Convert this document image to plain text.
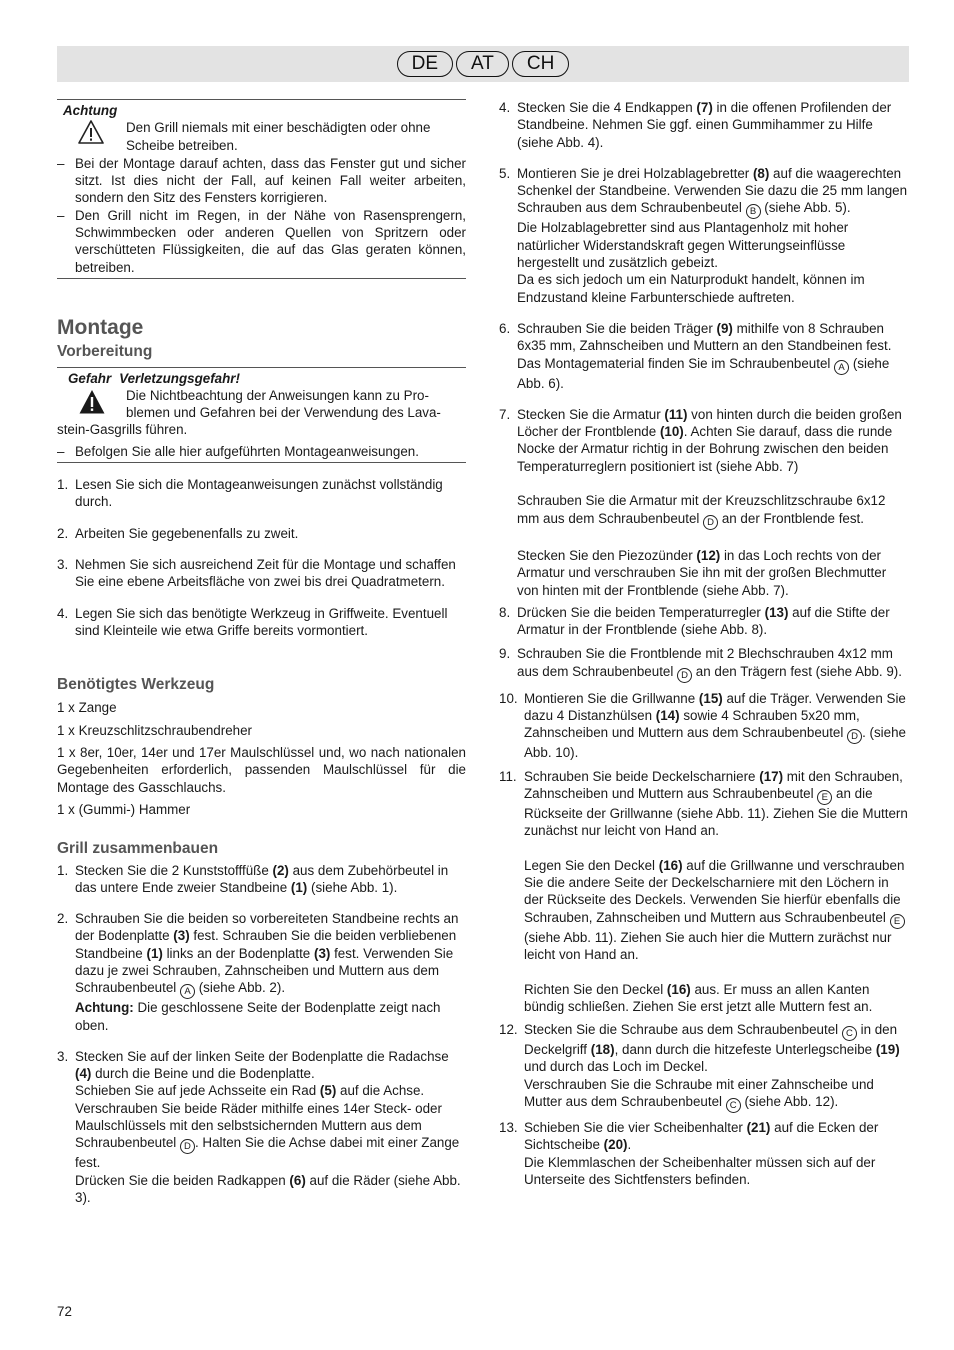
DE	AT	CH
Achtung

Den Grill niemals mit einer beschädigten oder ohne

Scheibe betreiben.

– Bei der Montage darauf achten, dass das Fenster gut und sicher sitzt. Ist dies nicht der Fall, auf keinen Fall weiter arbeiten, sondern den Sitz des Fensters korrigieren.
– Den Grill nicht im Regen, in der Nähe von Rasensprengern, Schwimmbecken oder anderen Quellen von Spritzern oder verschütteten Flüssigkeiten, die auf das Glas geraten können, betreiben.
Montage
Vorbereitung
Gefahr Verletzungsgefahr!

Die Nichtbeachtung der Anweisungen kann zu Pro-

blemen und Gefahren bei der Verwendung des Lava-

stein-Gasgrills führen.

– Befolgen Sie alle hier aufgeführten Montageanweisungen.
1. Lesen Sie sich die Montageanweisungen zunächst vollständig durch.
2. Arbeiten Sie gegebenenfalls zu zweit.
3. Nehmen Sie sich ausreichend Zeit für die Montage und schaffen Sie eine ebene Arbeitsfläche von zwei bis drei Quadratmetern.
4. Legen Sie sich das benötigte Werkzeug in Griffweite. Eventuell sind Kleinteile wie etwa Griffe bereits vormontiert.
Benötigtes Werkzeug

1 x Zange

1 x Kreuzschlitzschraubendreher

1 x 8er, 10er, 14er und 17er Maulschlüssel und, wo nach nationalen Gegebenheiten erforderlich, passenden Maulschlüssel für die Montage des Gasschlauchs.

1 x (Gummi-) Hammer

Grill zusammenbauen
1. Stecken Sie die 2 Kunststofffüße (2) aus dem Zubehörbeutel in das untere Ende zweier Standbeine (1) (siehe Abb. 1).
2. Schrauben Sie die beiden so vorbereiteten Standbeine rechts an der Bodenplatte (3) fest. Schrauben Sie die beiden verbliebenen Standbeine (1) links an der Bodenplatte (3) fest. Verwenden Sie dazu je zwei Schrauben, Zahnscheiben und Muttern aus dem Schraubenbeutel A (siehe Abb. 2).
Achtung: Die geschlossene Seite der Bodenplatte zeigt nach oben.
3. Stecken Sie auf der linken Seite der Bodenplatte die Radachse (4) durch die Beine und die Bodenplatte.
Schieben Sie auf jede Achsseite ein Rad (5) auf die Achse. Verschrauben Sie beide Räder mithilfe eines 14er Steck- oder Maulschlüssels mit den selbstsichernden Muttern aus dem Schraubenbeutel D . Halten Sie die Achse dabei mit einer Zange fest.
Drücken Sie die beiden Radkappen (6) auf die Räder (siehe Abb. 3).
4. Stecken Sie die 4 Endkappen (7) in die offenen Profilenden der Standbeine. Nehmen Sie ggf. einen Gummihammer zu Hilfe (siehe Abb. 4).
5. Montieren Sie je drei Holzablagebretter (8) auf die waagerechten Schenkel der Standbeine. Verwenden Sie dazu die 25 mm langen Schrauben aus dem Schraubenbeutel B (siehe Abb. 5).
Die Holzablagebretter sind aus Plantagenholz mit hoher natürlicher Widerstandskraft gegen Witterungseinflüsse hergestellt und zusätzlich gebeizt.
Da es sich jedoch um ein Naturprodukt handelt, können im Endzustand kleine Farbunterschiede auftreten.
6. Schrauben Sie die beiden Träger (9) mithilfe von 8 Schrauben 6x35 mm, Zahnscheiben und Muttern an den Standbeinen fest. Das Montagematerial finden Sie im Schraubenbeutel A (siehe Abb. 6).
7. Stecken Sie die Armatur (11) von hinten durch die beiden großen Löcher der Frontblende (10). Achten Sie darauf, dass die runde Nocke der Armatur richtig in der Bohrung zwischen den beiden Temperaturreglern positioniert ist (siehe Abb. 7)

Schrauben Sie die Armatur mit der Kreuzschlitzschraube 6x12 mm aus dem Schraubenbeutel D an der Frontblende fest.

Stecken Sie den Piezozünder (12) in das Loch rechts von der Armatur und verschrauben Sie ihn mit der großen Blechmutter von hinten mit der Frontblende (siehe Abb. 7).
8. Drücken Sie die beiden Temperaturregler (13) auf die Stifte der Armatur in der Frontblende (siehe Abb. 8).
9. Schrauben Sie die Frontblende mit 2 Blechschrauben 4x12 mm aus dem Schraubenbeutel D an den Trägern fest (siehe Abb. 9).
10. Montieren Sie die Grillwanne (15) auf die Träger. Verwenden Sie dazu 4 Distanzhülsen (14) sowie 4 Schrauben 5x20 mm, Zahnscheiben und Muttern aus dem Schraubenbeutel D . (siehe Abb. 10).
11. Schrauben Sie beide Deckelscharniere (17) mit den Schrauben, Zahnscheiben und Muttern aus Schraubenbeutel E an die Rückseite der Grillwanne (siehe Abb. 11). Ziehen Sie die Muttern zunächst nur leicht von Hand an.

Legen Sie den Deckel (16) auf die Grillwanne und verschrauben Sie die andere Seite der Deckelscharniere mit den Löchern in der Rückseite des Deckels. Verwenden Sie hierfür ebenfalls die Schrauben, Zahnscheiben und Muttern aus Schraubenbeutel E (siehe Abb. 11). Ziehen Sie auch hier die Muttern zurächst nur leicht von Hand an.

Richten Sie den Deckel (16) aus. Er muss an allen Kanten bündig schließen. Ziehen Sie erst jetzt alle Muttern fest an.
12. Stecken Sie die Schraube aus dem Schraubenbeutel C in den Deckelgriff (18), dann durch die hitzefeste Unterlegscheibe (19) und durch das Loch im Deckel.
Verschrauben Sie die Schraube mit einer Zahnscheibe und Mutter aus dem Schraubenbeutel C (siehe Abb. 12).
13. Schieben Sie die vier Scheibenhalter (21) auf die Ecken der Sichtscheibe (20).
Die Klemmlaschen der Scheibenhalter müssen sich auf der Unterseite des Sichtfensters befinden.
72
